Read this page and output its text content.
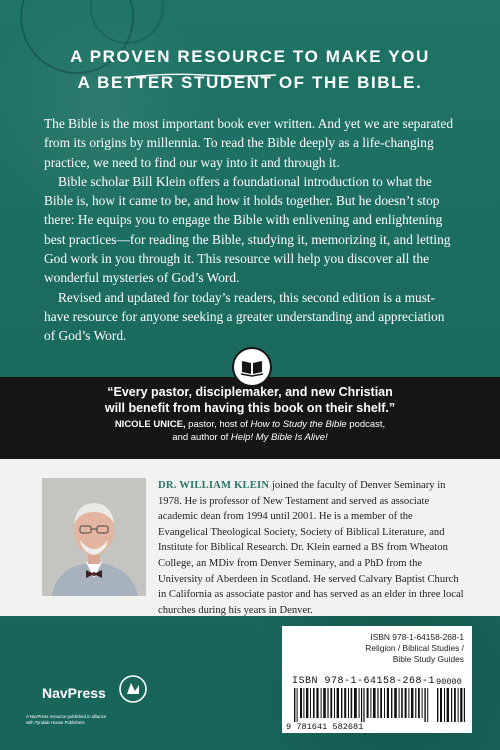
A PROVEN RESOURCE TO MAKE YOU
A BETTER STUDENT OF THE BIBLE.

The Bible is the most important book ever written. And yet we are separated from its origins by millennia. To read the Bible deeply as a life-changing practice, we need to find our way into it and through it.

Bible scholar Bill Klein offers a foundational introduction to what the Bible is, how it came to be, and how it holds together. But he doesn’t stop there: He equips you to engage the Bible with enlivening and enlightening best practices—for reading the Bible, studying it, memorizing it, and letting God work in you through it. This resource will help you discover all the wonderful mysteries of God’s Word.

Revised and updated for today’s readers, this second edition is a must-have resource for anyone seeking a greater understanding and appreciation of God’s Word.

“Every pastor, disciplemaker, and new Christian
will benefit from having this book on their shelf.”
NICOLE UNICE, pastor, host of How to Study the Bible podcast,
and author of Help! My Bible Is Alive!
DR. WILLIAM KLEIN joined the faculty of Denver Seminary in 1978. He is professor of New Testament and served as associate academic dean from 1994 until 2001. He is a member of the Evangelical Theological Society, Society of Biblical Literature, and Institute for Biblical Research. Dr. Klein earned a BS from Wheaton College, an MDiv from Denver Seminary, and a PhD from the University of Aberdeen in Scotland. He served Calvary Baptist Church in California as associate pastor and has served as an elder in three local churches during his years in Denver.
ISBN 978-1-64158-268-1
Religion / Biblical Studies /
Bible Study Guides
ISBN 978-1-64158-268-1 90000
9 781641 582681
NavPress
A NavPress resource published in alliance
with Tyndale House Publishers
